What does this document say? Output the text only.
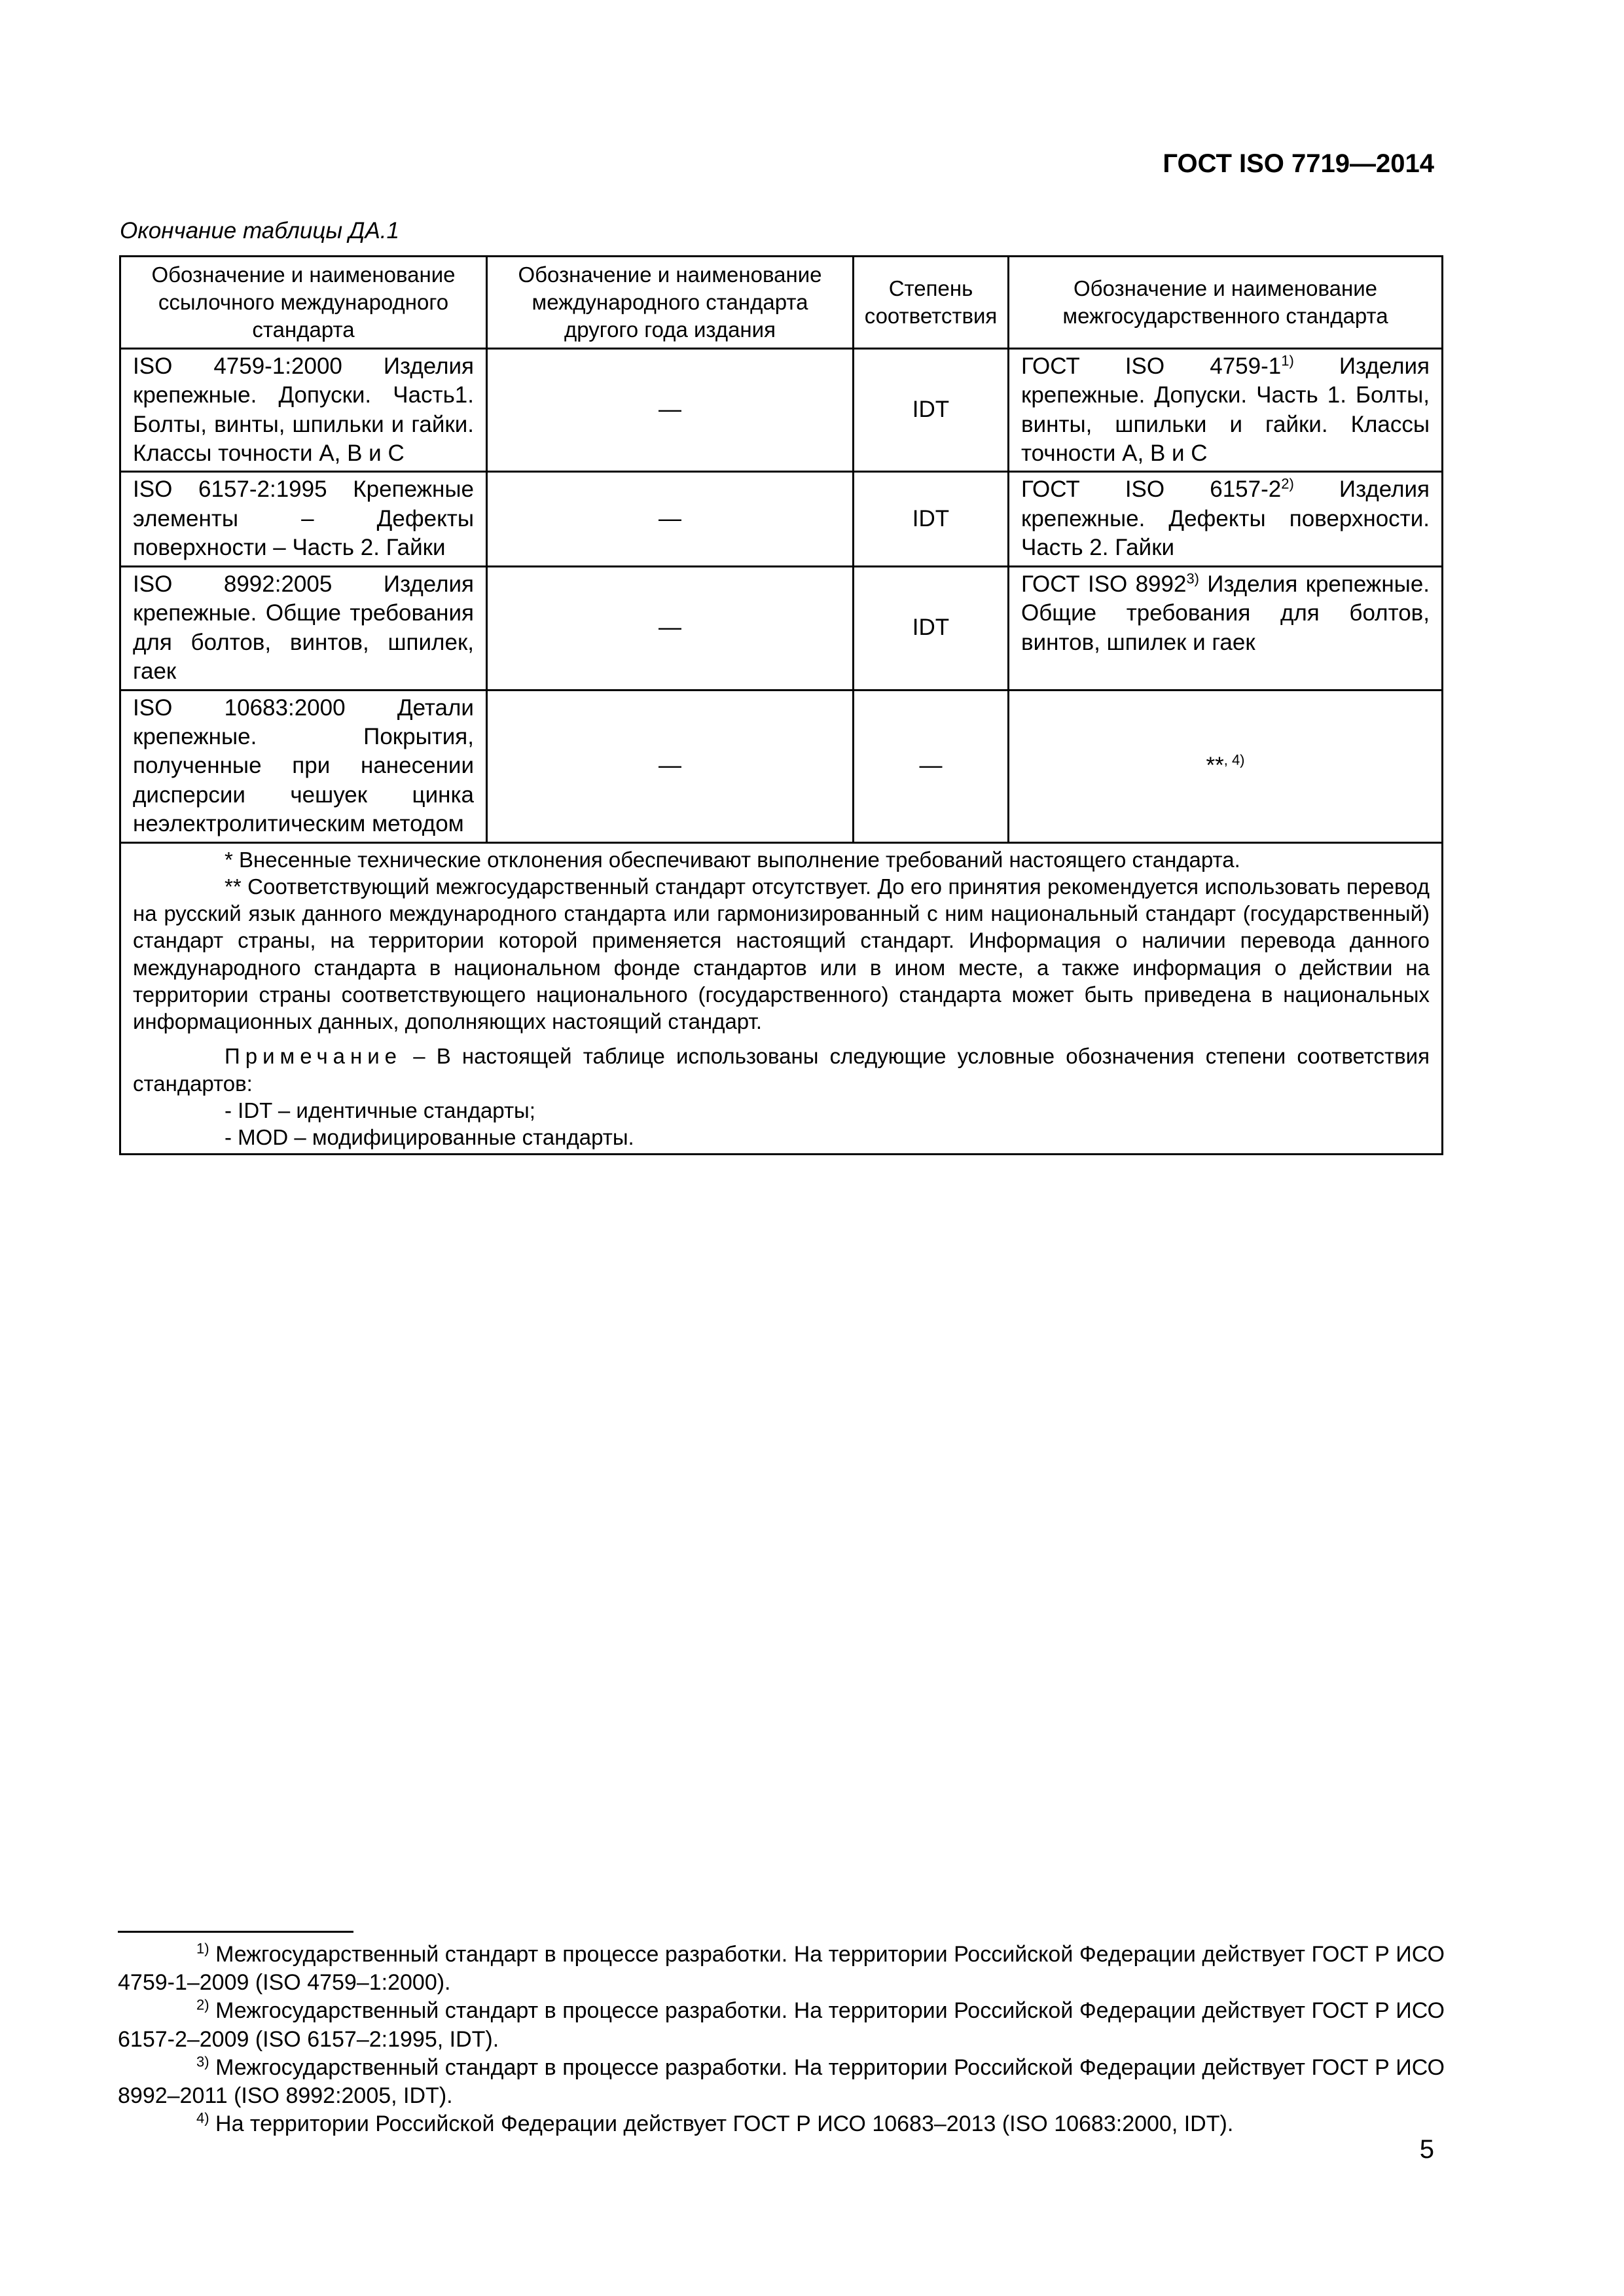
ГОСТ ISO 7719—2014
Окончание таблицы ДА.1
Обозначение и наименование ссылочного международного стандарта	Обозначение и наименование международного стандарта другого года издания	Степень соответствия	Обозначение и наименование межгосударственного стандарта
ISO 4759-1:2000 Изделия крепежные. Допуски. Часть1. Болты, винты, шпильки и гайки. Классы точности A, B и C	—	IDT	ГОСТ ISO 4759-1$^{1)}$ Изделия крепежные. Допуски. Часть 1. Болты, винты, шпильки и гайки. Классы точности A, B и C
ISO 6157-2:1995 Крепежные элементы – Дефекты поверхности – Часть 2. Гайки	—	IDT	ГОСТ ISO 6157-2$^{2)}$ Изделия крепежные. Дефекты поверхности. Часть 2. Гайки
ISO 8992:2005 Изделия крепежные. Общие требования для болтов, винтов, шпилек, гаек	—	IDT	ГОСТ ISO 8992$^{3)}$ Изделия крепежные. Общие требования для болтов, винтов, шпилек и гаек
ISO 10683:2000 Детали крепежные. Покрытия, полученные при нанесении дисперсии чешуек цинка неэлектролитическим методом	—	—	**$^{, 4)}$

* Внесенные технические отклонения обеспечивают выполнение требований настоящего стандарта.

** Соответствующий межгосударственный стандарт отсутствует. До его принятия рекомендуется использовать перевод на русский язык данного международного стандарта или гармонизированный с ним национальный стандарт (государственный) стандарт страны, на территории которой применяется настоящий стандарт. Информация о наличии перевода данного международного стандарта в национальном фонде стандартов или в ином месте, а также информация о действии на территории страны соответствующего национального (государственного) стандарта может быть приведена в национальных информационных данных, дополняющих настоящий стандарт.

Примечание – В настоящей таблице использованы следующие условные обозначения степени соответствия стандартов:

- IDT – идентичные стандарты;

- MOD – модифицированные стандарты.			

$^{1)}$ Межгосударственный стандарт в процессе разработки. На территории Российской Федерации действует ГОСТ Р ИСО 4759-1–2009 (ISO 4759–1:2000).

$^{2)}$ Межгосударственный стандарт в процессе разработки. На территории Российской Федерации действует ГОСТ Р ИСО 6157-2–2009 (ISO 6157–2:1995, IDT).

$^{3)}$ Межгосударственный стандарт в процессе разработки. На территории Российской Федерации действует ГОСТ Р ИСО 8992–2011 (ISO 8992:2005, IDT).

$^{4)}$ На территории Российской Федерации действует ГОСТ Р ИСО 10683–2013 (ISO 10683:2000, IDT).

5
